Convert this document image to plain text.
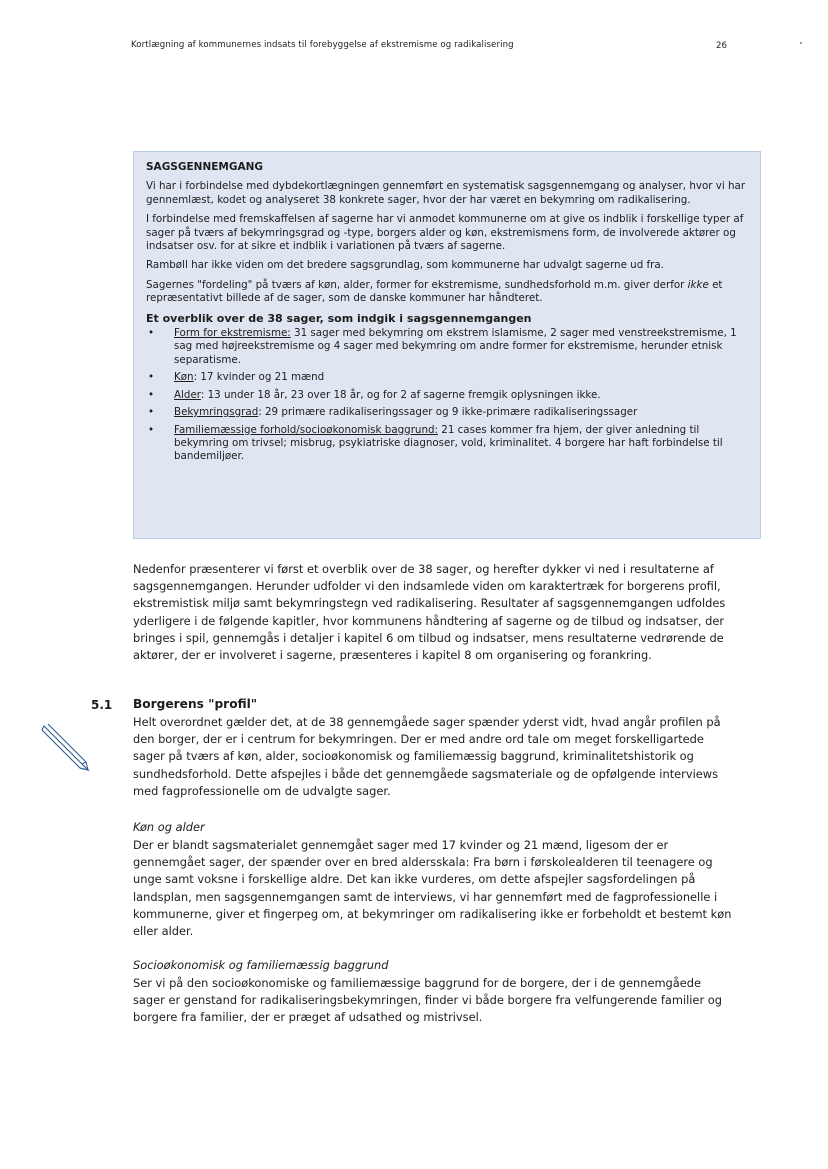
Kortlægning af kommunernes indsats til forebyggelse af ekstremisme og radikalisering	26
SAGSGENNEMGANG

Vi har i forbindelse med dybdekortlægningen gennemført en systematisk sagsgennemgang og analyser, hvor vi har gennemlæst, kodet og analyseret 38 konkrete sager, hvor der har været en bekymring om radikalisering.

I forbindelse med fremskaffelsen af sagerne har vi anmodet kommunerne om at give os indblik i forskellige typer af sager på tværs af bekymringsgrad og -type, borgers alder og køn, ekstremismens form, de involverede aktører og indsatser osv. for at sikre et indblik i variationen på tværs af sagerne.

Rambøll har ikke viden om det bredere sagsgrundlag, som kommunerne har udvalgt sagerne ud fra.

Sagernes "fordeling" på tværs af køn, alder, former for ekstremisme, sundhedsforhold m.m. giver derfor ikke et repræsentativt billede af de sager, som de danske kommuner har håndteret.

Et overblik over de 38 sager, som indgik i sagsgennemgangen
• Form for ekstremisme: 31 sager med bekymring om ekstrem islamisme, 2 sager med venstreekstremisme, 1 sag med højreekstremisme og 4 sager med bekymring om andre former for ekstremisme, herunder etnisk separatisme.
• Køn: 17 kvinder og 21 mænd
• Alder: 13 under 18 år, 23 over 18 år, og for 2 af sagerne fremgik oplysningen ikke.
• Bekymringsgrad: 29 primære radikaliseringssager og 9 ikke-primære radikaliseringssager
• Familiemæssige forhold/socioøkonomisk baggrund: 21 cases kommer fra hjem, der giver anledning til bekymring om trivsel; misbrug, psykiatriske diagnoser, vold, kriminalitet. 4 borgere har haft forbindelse til bandemiljøer.
Nedenfor præsenterer vi først et overblik over de 38 sager, og herefter dykker vi ned i resultaterne af sagsgennemgangen. Herunder udfolder vi den indsamlede viden om karaktertræk for borgerens profil, ekstremistisk miljø samt bekymringstegn ved radikalisering. Resultater af sagsgennemgangen udfoldes yderligere i de følgende kapitler, hvor kommunens håndtering af sagerne og de tilbud og indsatser, der bringes i spil, gennemgås i detaljer i kapitel 6 om tilbud og indsatser, mens resultaterne vedrørende de aktører, der er involveret i sagerne, præsenteres i kapitel 8 om organisering og forankring.
5.1 Borgerens "profil"
Helt overordnet gælder det, at de 38 gennemgåede sager spænder yderst vidt, hvad angår profilen på den borger, der er i centrum for bekymringen. Der er med andre ord tale om meget forskelligartede sager på tværs af køn, alder, socioøkonomisk og familiemæssig baggrund, kriminalitetshistorik og sundhedsforhold. Dette afspejles i både det gennemgåede sagsmateriale og de opfølgende interviews med fagprofessionelle om de udvalgte sager.
Køn og alder
Der er blandt sagsmaterialet gennemgået sager med 17 kvinder og 21 mænd, ligesom der er gennemgået sager, der spænder over en bred aldersskala: Fra børn i førskolealderen til teenagere og unge samt voksne i forskellige aldre. Det kan ikke vurderes, om dette afspejler sagsfordelingen på landsplan, men sagsgennemgangen samt de interviews, vi har gennemført med de fagprofessionelle i kommunerne, giver et fingerpeg om, at bekymringer om radikalisering ikke er forbeholdt et bestemt køn eller alder.
Socioøkonomisk og familiemæssig baggrund
Ser vi på den socioøkonomiske og familiemæssige baggrund for de borgere, der i de gennemgåede sager er genstand for radikaliseringsbekymringen, finder vi både borgere fra velfungerende familier og borgere fra familier, der er præget af udsathed og mistrivsel.
